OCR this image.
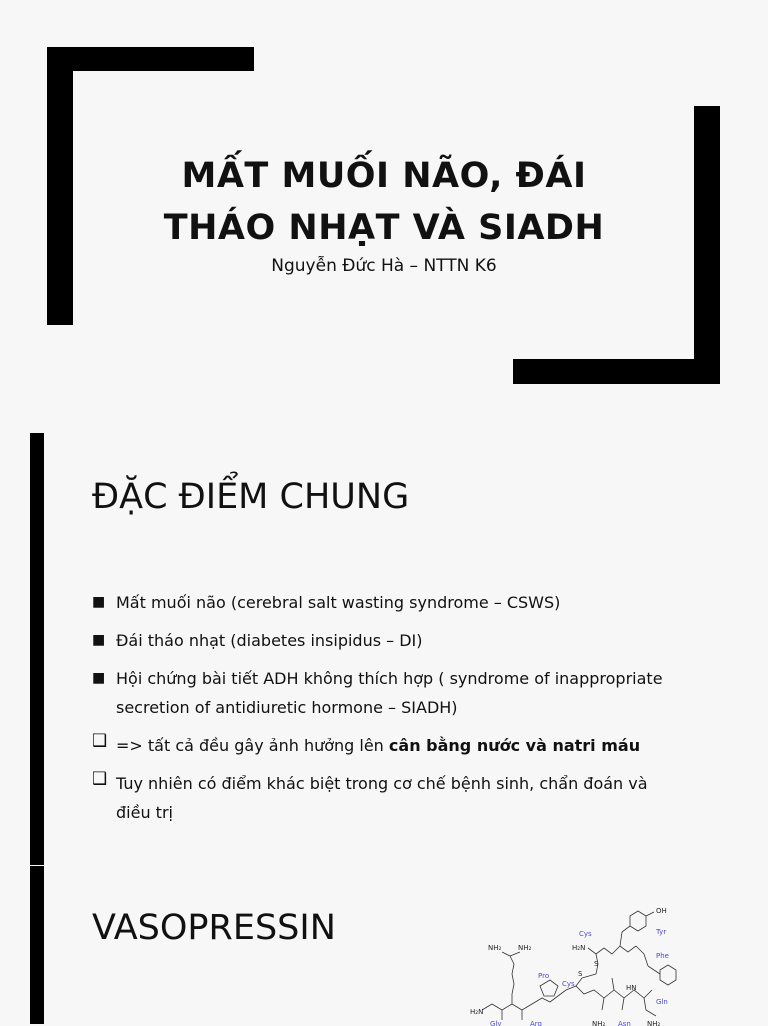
MẤT MUỐI NÃO, ĐÁI
THÁO NHẠT VÀ SIADH

Nguyễn Đức Hà – NTTN K6

ĐẶC ĐIỂM CHUNG
■ Mất muối não (cerebral salt wasting syndrome – CSWS)
■ Đái tháo nhạt (diabetes insipidus – DI)
■ Hội chứng bài tiết ADH không thích hợp ( syndrome of inappropriate secretion of antidiuretic hormone – SIADH)
❑ => tất cả đều gây ảnh hưởng lên cân bằng nước và natri máu
❑ Tuy nhiên có điểm khác biệt trong cơ chế bệnh sinh, chẩn đoán và điều trị
VASOPRESSIN	OH
Tyr
Cys
H₂N
Phe
S
S
Cys
Pro
HN
Gln
Asn NH₂
NH₂
NH₂ NH₂
H₂N
Arg
Gly
